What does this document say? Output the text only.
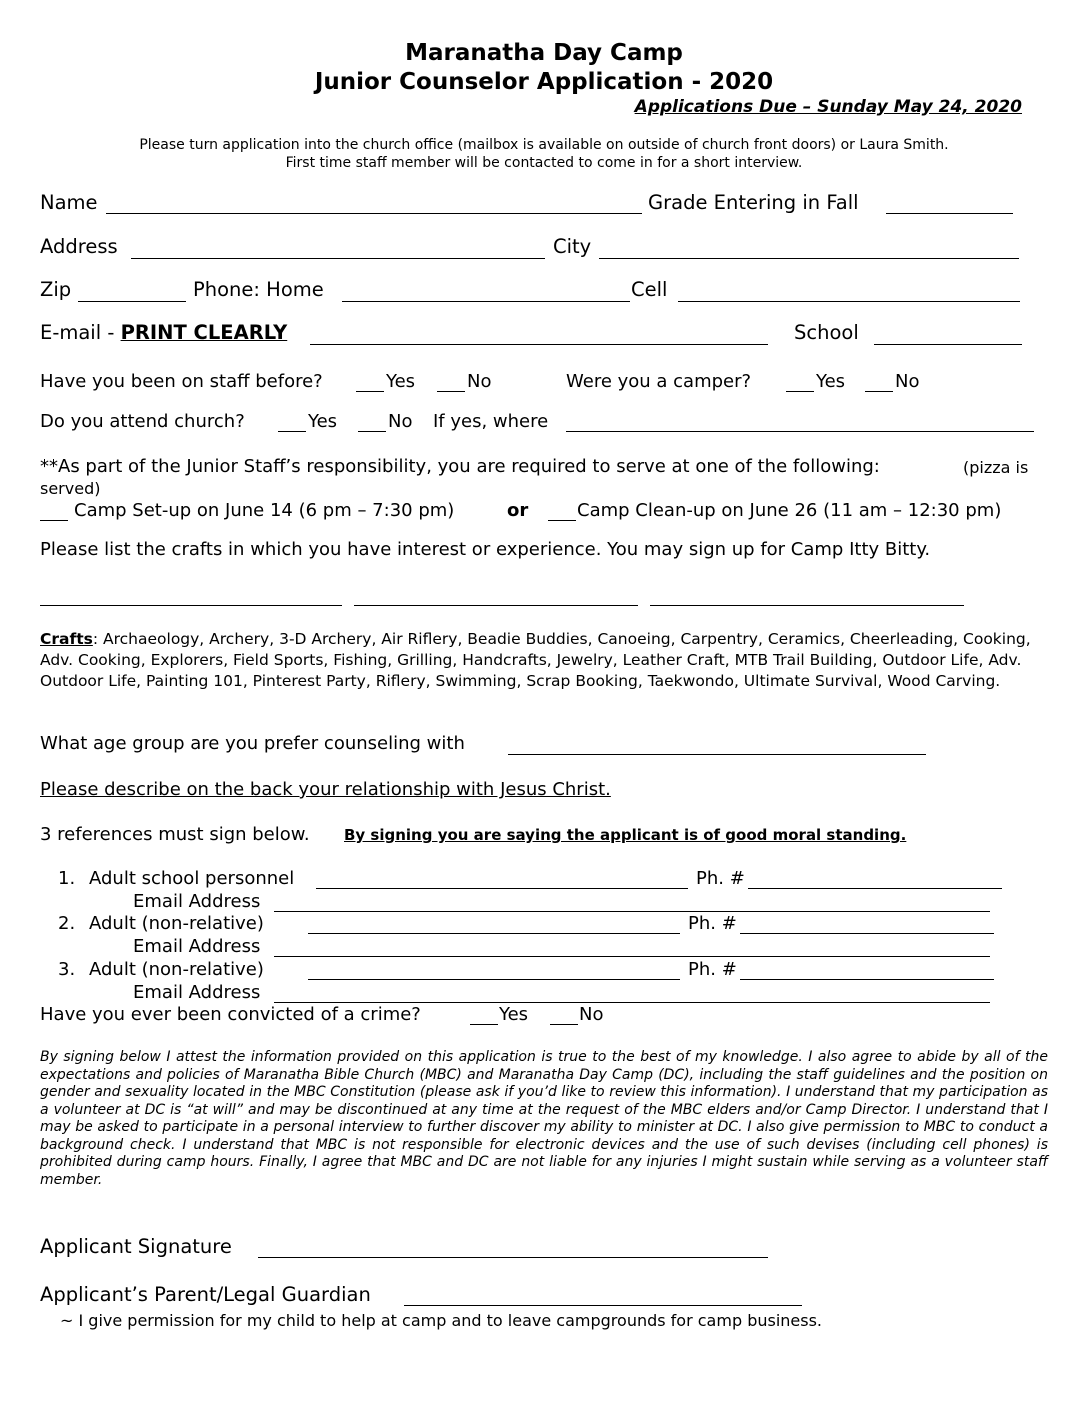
Maranatha Day Camp
Junior Counselor Application - 2020
Applications Due – Sunday May 24, 2020
Please turn application into the church office (mailbox is available on outside of church front doors) or Laura Smith.
First time staff member will be contacted to come in for a short interview.
Name	Grade Entering in Fall
Address	City
Zip	Phone: Home	Cell
E-mail - PRINT CLEARLY	School
Have you been on staff before?	Yes	No	Were you a camper?	Yes	No
Do you attend church?	Yes	No If yes, where
**As part of the Junior Staff’s responsibility, you are required to serve at one of the following:	(pizza is
served)
Camp Set-up on June 14 (6 pm – 7:30 pm)	or	Camp Clean-up on June 26 (11 am – 12:30 pm)
Please list the crafts in which you have interest or experience. You may sign up for Camp Itty Bitty.
Crafts: Archaeology, Archery, 3-D Archery, Air Riflery, Beadie Buddies, Canoeing, Carpentry, Ceramics, Cheerleading, Cooking, Adv. Cooking, Explorers, Field Sports, Fishing, Grilling, Handcrafts, Jewelry, Leather Craft, MTB Trail Building, Outdoor Life, Adv. Outdoor Life, Painting 101, Pinterest Party, Riflery, Swimming, Scrap Booking, Taekwondo, Ultimate Survival, Wood Carving.
What age group are you prefer counseling with
Please describe on the back your relationship with Jesus Christ.
3 references must sign below. By signing you are saying the applicant is of good moral standing.
1. Adult school personnel	Ph. #
Email Address
2. Adult (non-relative)	Ph. #
Email Address
3. Adult (non-relative)	Ph. #
Email Address
Have you ever been convicted of a crime?	Yes	No
By signing below I attest the information provided on this application is true to the best of my knowledge. I also agree to abide by all of the expectations and policies of Maranatha Bible Church (MBC) and Maranatha Day Camp (DC), including the staff guidelines and the position on gender and sexuality located in the MBC Constitution (please ask if you’d like to review this information). I understand that my participation as a volunteer at DC is “at will” and may be discontinued at any time at the request of the MBC elders and/or Camp Director. I understand that I may be asked to participate in a personal interview to further discover my ability to minister at DC. I also give permission to MBC to conduct a background check. I understand that MBC is not responsible for electronic devices and the use of such devises (including cell phones) is prohibited during camp hours. Finally, I agree that MBC and DC are not liable for any injuries I might sustain while serving as a volunteer staff member.
Applicant Signature
Applicant’s Parent/Legal Guardian
~ I give permission for my child to help at camp and to leave campgrounds for camp business.
